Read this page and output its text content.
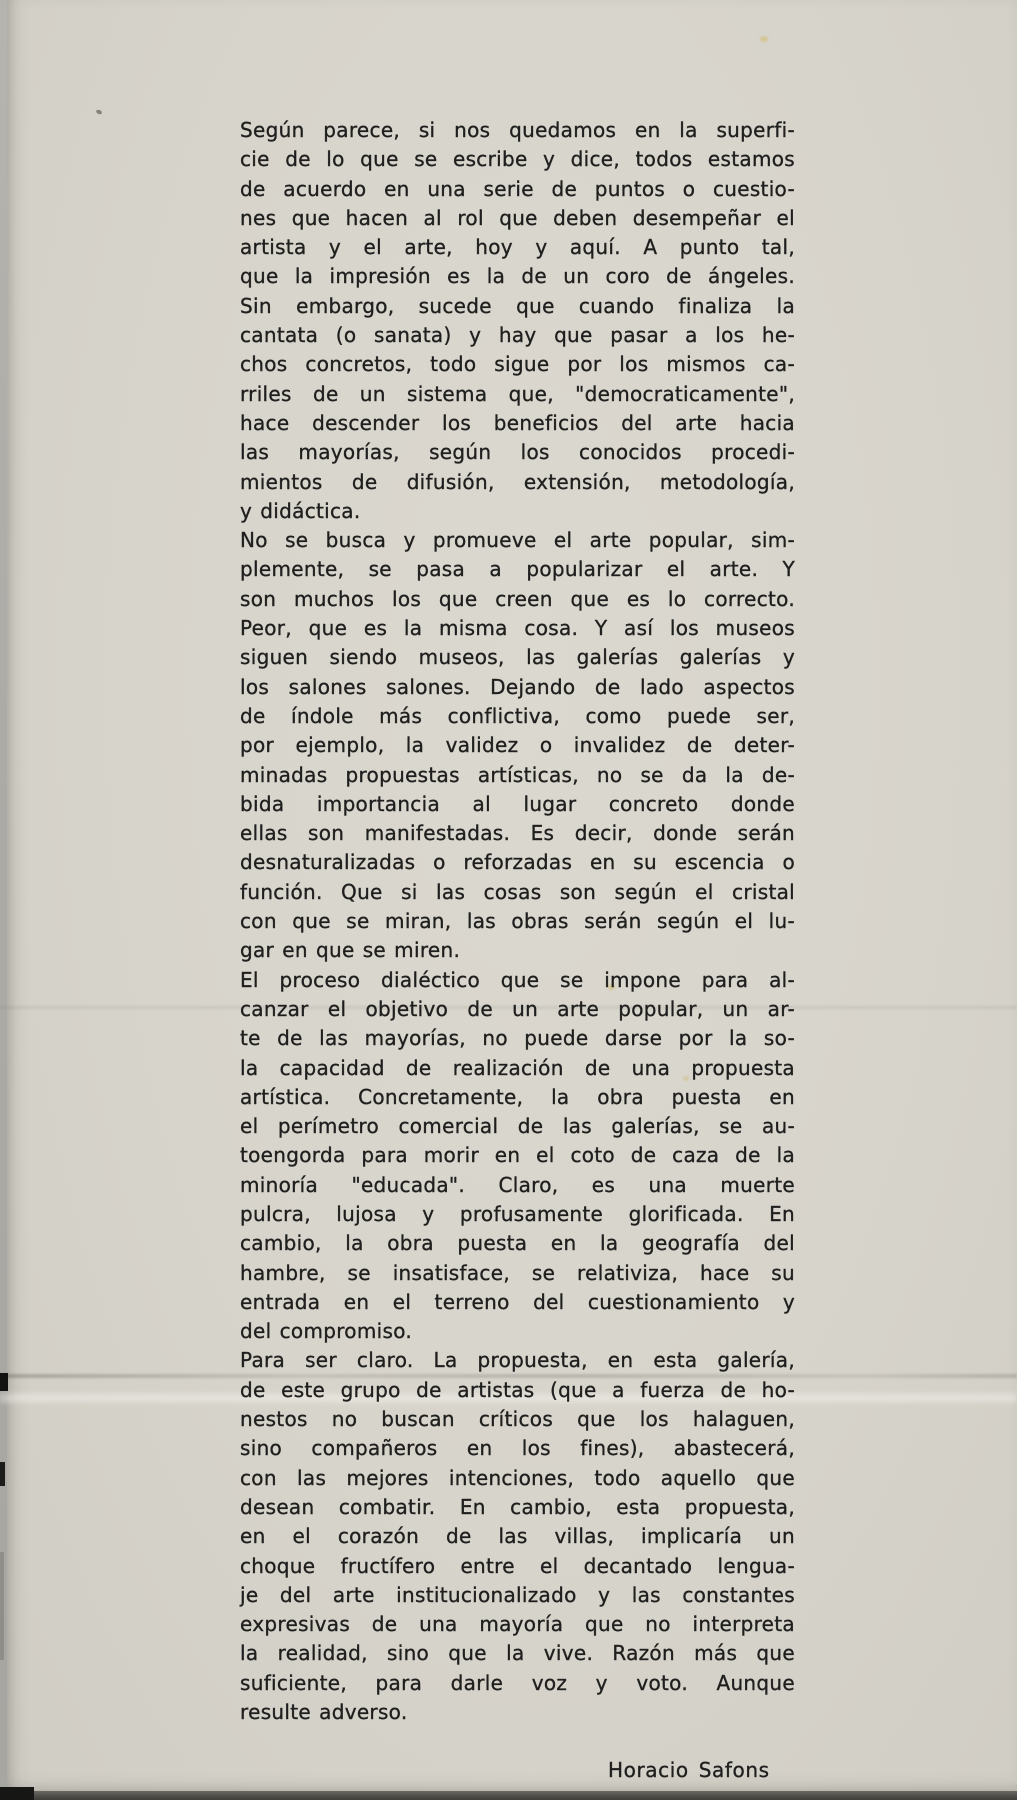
Según parece, si nos quedamos en la superfi-
cie de lo que se escribe y dice, todos estamos
de acuerdo en una serie de puntos o cuestio-
nes que hacen al rol que deben desempeñar el
artista y el arte, hoy y aquí. A punto tal,
que la impresión es la de un coro de ángeles.
Sin embargo, sucede que cuando finaliza la
cantata (o sanata) y hay que pasar a los he-
chos concretos, todo sigue por los mismos ca-
rriles de un sistema que, "democraticamente",
hace descender los beneficios del arte hacia
las mayorías, según los conocidos procedi-
mientos de difusión, extensión, metodología,
y didáctica.
No se busca y promueve el arte popular, sim-
plemente, se pasa a popularizar el arte. Y
son muchos los que creen que es lo correcto.
Peor, que es la misma cosa. Y así los museos
siguen siendo museos, las galerías galerías y
los salones salones. Dejando de lado aspectos
de índole más conflictiva, como puede ser,
por ejemplo, la validez o invalidez de deter-
minadas propuestas artísticas, no se da la de-
bida importancia al lugar concreto donde
ellas son manifestadas. Es decir, donde serán
desnaturalizadas o reforzadas en su escencia o
función. Que si las cosas son según el cristal
con que se miran, las obras serán según el lu-
gar en que se miren.
El proceso dialéctico que se impone para al-
canzar el objetivo de un arte popular, un ar-
te de las mayorías, no puede darse por la so-
la capacidad de realización de una propuesta
artística. Concretamente, la obra puesta en
el perímetro comercial de las galerías, se au-
toengorda para morir en el coto de caza de la
minoría "educada". Claro, es una muerte
pulcra, lujosa y profusamente glorificada. En
cambio, la obra puesta en la geografía del
hambre, se insatisface, se relativiza, hace su
entrada en el terreno del cuestionamiento y
del compromiso.
Para ser claro. La propuesta, en esta galería,
de este grupo de artistas (que a fuerza de ho-
nestos no buscan críticos que los halaguen,
sino compañeros en los fines), abastecerá,
con las mejores intenciones, todo aquello que
desean combatir. En cambio, esta propuesta,
en el corazón de las villas, implicaría un
choque fructífero entre el decantado lengua-
je del arte institucionalizado y las constantes
expresivas de una mayoría que no interpreta
la realidad, sino que la vive. Razón más que
suficiente, para darle voz y voto. Aunque
resulte adverso.
Horacio Safons
